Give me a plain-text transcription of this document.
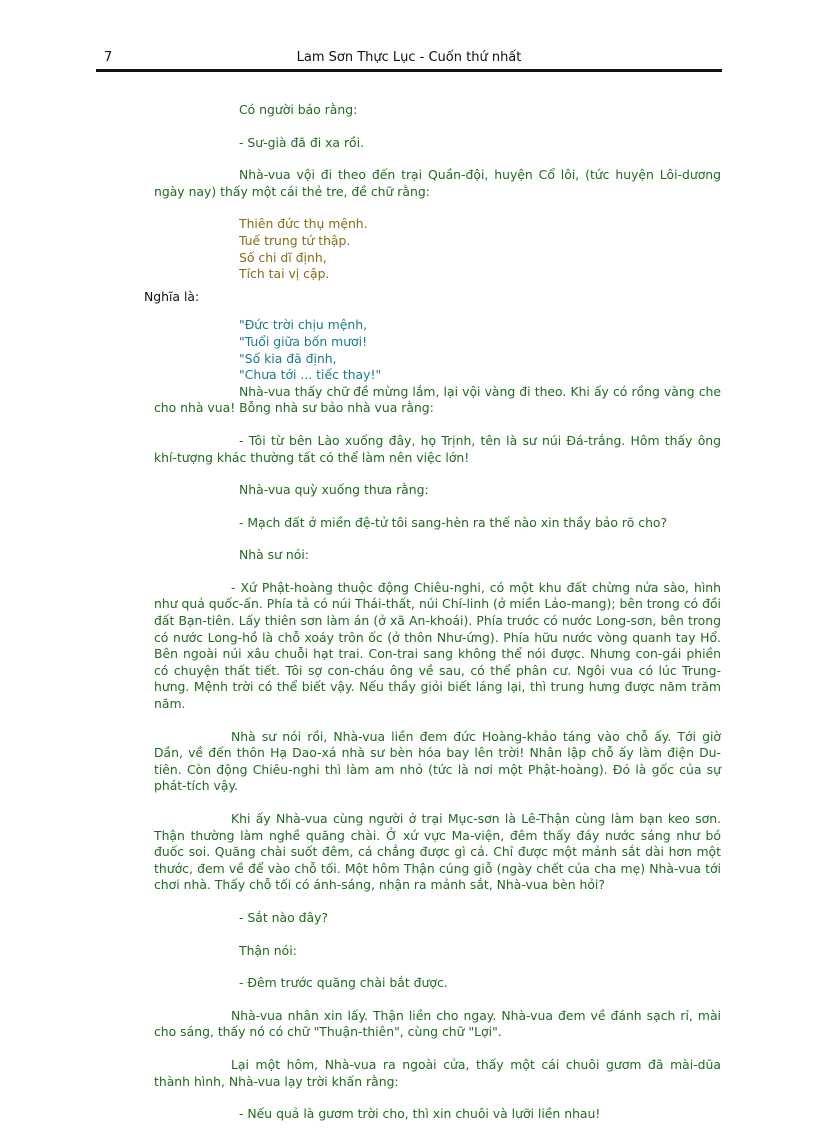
7	Lam Sơn Thực Lục - Cuốn thứ nhất

Có người báo rằng:

- Sư-già đã đi xa rồi.

Nhà-vua vội đi theo đến trại Quần-đội, huyện Cổ lôi, (tức huyện Lôi-dương ngày nay) thấy một cái thẻ tre, đề chữ rằng:

Thiên đức thụ mệnh.
Tuế trung tứ thập.
Số chi dĩ định,
Tích tai vị cập.

Nghĩa là:

"Đức trời chịu mệnh,
"Tuổi giữa bốn mươi!
"Số kia đã định,
"Chưa tới ... tiếc thay!"

Nhà-vua thấy chữ đề mừng lắm, lại vội vàng đi theo. Khi ấy có rồng vàng che cho nhà vua! Bỗng nhà sư bảo nhà vua rằng:

- Tôi từ bên Lào xuống đây, họ Trịnh, tên là sư núi Đá-trắng. Hôm thấy ông khí-tượng khác thường tất có thể làm nên việc lớn!

Nhà-vua quỳ xuống thưa rằng:

- Mạch đất ở miền đệ-tử tôi sang-hèn ra thế nào xin thầy bảo rõ cho?

Nhà sư nói:

- Xứ Phật-hoàng thuộc động Chiêu-nghi, có một khu đất chừng nửa sào, hình như quả quốc-ấn. Phía tả có núi Thái-thất, núi Chí-linh (ở miền Lảo-mang); bên trong có đồi đất Bạn-tiên. Lấy thiên sơn làm án (ở xã An-khoái). Phía trước có nước Long-sơn, bên trong có nước Long-hồ là chỗ xoáy trôn ốc (ở thôn Như-ứng). Phía hữu nước vòng quanh tay Hổ. Bên ngoài núi xâu chuỗi hạt trai. Con-trai sang không thể nói được. Nhưng con-gái phiền có chuyện thất tiết. Tôi sợ con-cháu ông về sau, có thể phân cư. Ngôi vua có lúc Trung-hưng. Mệnh trời có thể biết vậy. Nếu thầy giỏi biết láng lại, thì trung hưng được năm trăm năm.

Nhà sư nói rồi, Nhà-vua liền đem đức Hoàng-khảo táng vào chỗ ấy. Tới giờ Dần, về đến thôn Hạ Dao-xá nhà sư bèn hóa bay lên trời! Nhân lập chỗ ấy làm điện Du-tiên. Còn động Chiêu-nghi thì làm am nhỏ (tức là nơi một Phật-hoàng). Đó là gốc của sự phát-tích vậy.

Khi ấy Nhà-vua cùng người ở trại Mục-sơn là Lê-Thận cùng làm bạn keo sơn. Thận thường làm nghề quăng chài. Ở xứ vực Ma-viện, đêm thấy đáy nước sáng như bó đuốc soi. Quăng chài suốt đêm, cá chẳng được gì cả. Chỉ được một mảnh sắt dài hơn một thước, đem về để vào chỗ tối. Một hôm Thận cúng giỗ (ngày chết của cha mẹ) Nhà-vua tới chơi nhà. Thấy chỗ tối có ánh-sáng, nhận ra mảnh sắt, Nhà-vua bèn hỏi?

- Sắt nào đây?

Thận nói:

- Đêm trước quăng chài bắt được.

Nhà-vua nhân xin lấy. Thận liền cho ngay. Nhà-vua đem về đánh sạch rỉ, mài cho sáng, thấy nó có chữ "Thuận-thiên", cùng chữ "Lợi".

Lại một hôm, Nhà-vua ra ngoài cửa, thấy một cái chuôi gươm đã mài-dũa thành hình, Nhà-vua lạy trời khấn rằng:

- Nếu quả là gươm trời cho, thì xin chuôi và lưỡi liền nhau!
